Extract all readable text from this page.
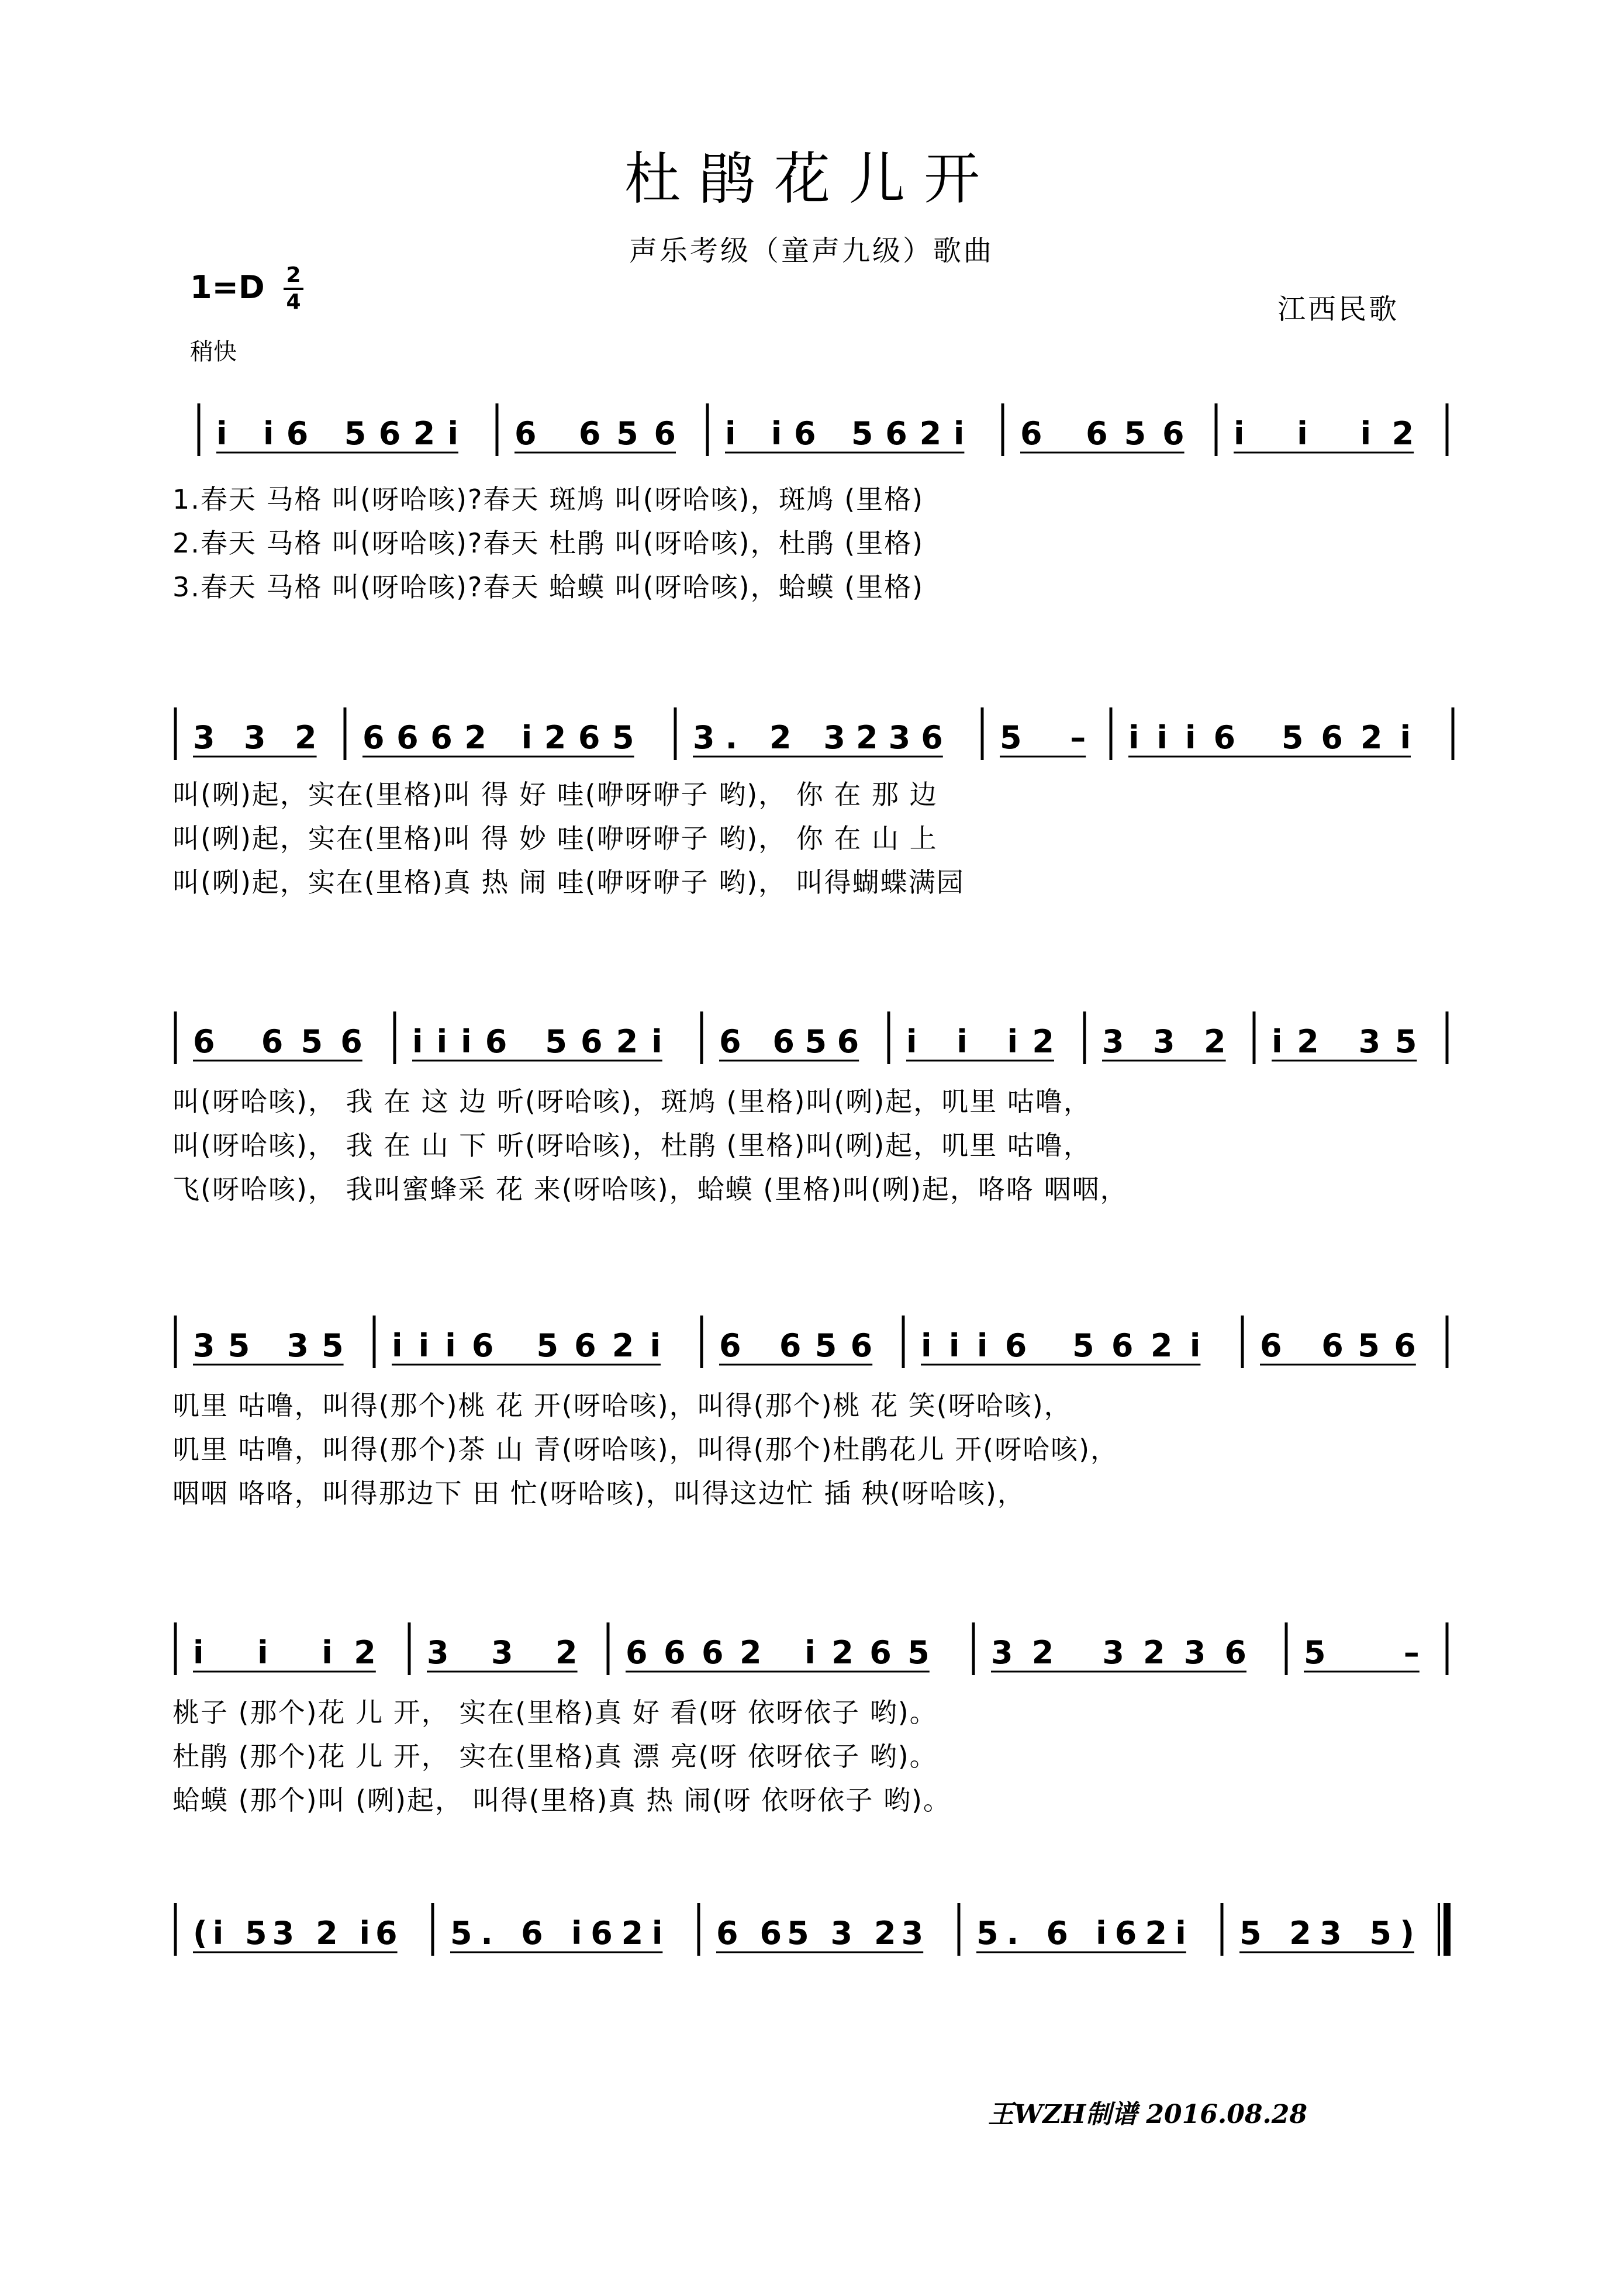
杜鹃花儿开
声乐考级（童声九级）歌曲
1=D 2
4
稍快
江西民歌
王WZH制谱 2016.08.28
i i6 562i 6 656 i i6 562i 6 656 i i i2
1.春天 马格 叫(呀哈咳)?春天 斑鸠 叫(呀哈咳)，斑鸠 (里格)
2.春天 马格 叫(呀哈咳)?春天 杜鹃 叫(呀哈咳)，杜鹃 (里格)
3.春天 马格 叫(呀哈咳)?春天 蛤蟆 叫(呀哈咳)，蛤蟆 (里格)
3 3 2 6662 i265 3. 2 3236 5 – iii6 562i
叫(咧)起，实在(里格)叫 得 好 哇(咿呀咿子 哟)， 你 在 那 边
叫(咧)起，实在(里格)叫 得 妙 哇(咿呀咿子 哟)， 你 在 山 上
叫(咧)起，实在(里格)真 热 闹 哇(咿呀咿子 哟)， 叫得蝴蝶满园
6 656 iii6 562i 6 656 i i i2 3 3 2 i2 35
叫(呀哈咳)， 我 在 这 边 听(呀哈咳)，斑鸠 (里格)叫(咧)起，叽里 咕噜，
叫(呀哈咳)， 我 在 山 下 听(呀哈咳)，杜鹃 (里格)叫(咧)起，叽里 咕噜，
飞(呀哈咳)， 我叫蜜蜂采 花 来(呀哈咳)，蛤蟆 (里格)叫(咧)起，咯咯 咽咽，
35 35 iii6 562i 6 656 iii6 562i 6 656
叽里 咕噜，叫得(那个)桃 花 开(呀哈咳)，叫得(那个)桃 花 笑(呀哈咳)，
叽里 咕噜，叫得(那个)茶 山 青(呀哈咳)，叫得(那个)杜鹃花儿 开(呀哈咳)，
咽咽 咯咯，叫得那边下 田 忙(呀哈咳)，叫得这边忙 插 秧(呀哈咳)，
i i i2 3 3 2 6662 i265 32 3236 5 –
桃子 (那个)花 儿 开， 实在(里格)真 好 看(呀 依呀依子 哟)。
杜鹃 (那个)花 儿 开， 实在(里格)真 漂 亮(呀 依呀依子 哟)。
蛤蟆 (那个)叫 (咧)起， 叫得(里格)真 热 闹(呀 依呀依子 哟)。
(i 53 2 i6 5. 6 i62i 6 65 3 23 5. 6 i62i 5 23 5)
